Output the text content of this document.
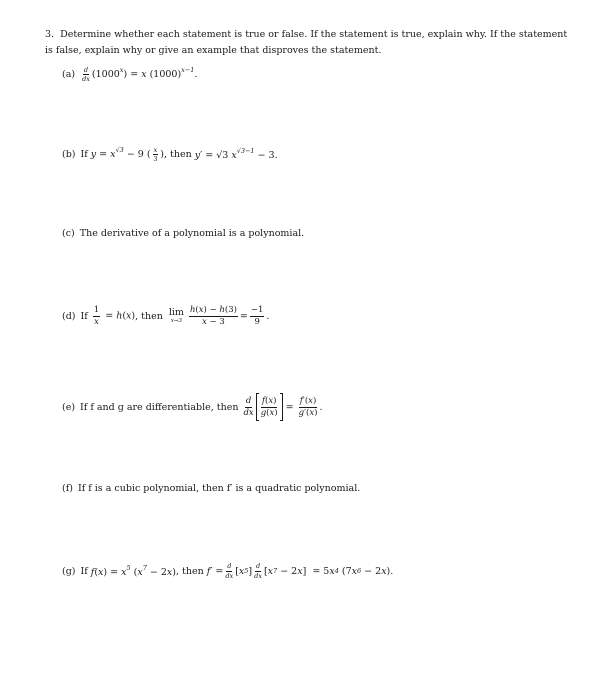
3. Determine whether each statement is true or false. If the statement is true, explain why. If the statement is false, explain why or give an example that disproves the statement.
$(a) \frac{d}{dx} (1000^x) = x$ $(1000)^{x-1}$.
(b) If $y = x^{√3} - 9$ ( $\frac{x}{3}$ ) , then y′ = √3 $x^{√3-1} - 3$.
(c) The derivative of a polynomial is a polynomial.
(d) If $\frac{1}{x} = h(x)$ , then lim
$x\to 3 \frac{h(x) - h(3)}{x - 3} = \frac{-1}{9}$ .
(e) If f and g are differentiable, then $\frac{d}{dx} \frac{f(x)}{g(x)} = \frac{f'(x)}{g'(x)}$ .
(f) If f is a cubic polynomial, then f′ is a quadratic polynomial.
(g) If $f(x) = x^5$ $(x^7 - 2x)$ , then f ′ = $\frac{d}{dx}$ [ x 5 ] $\frac{d}{dx}$ [ x 7 − 2 x ]  = 5 x 4 (7 x 6 − 2 x ).
